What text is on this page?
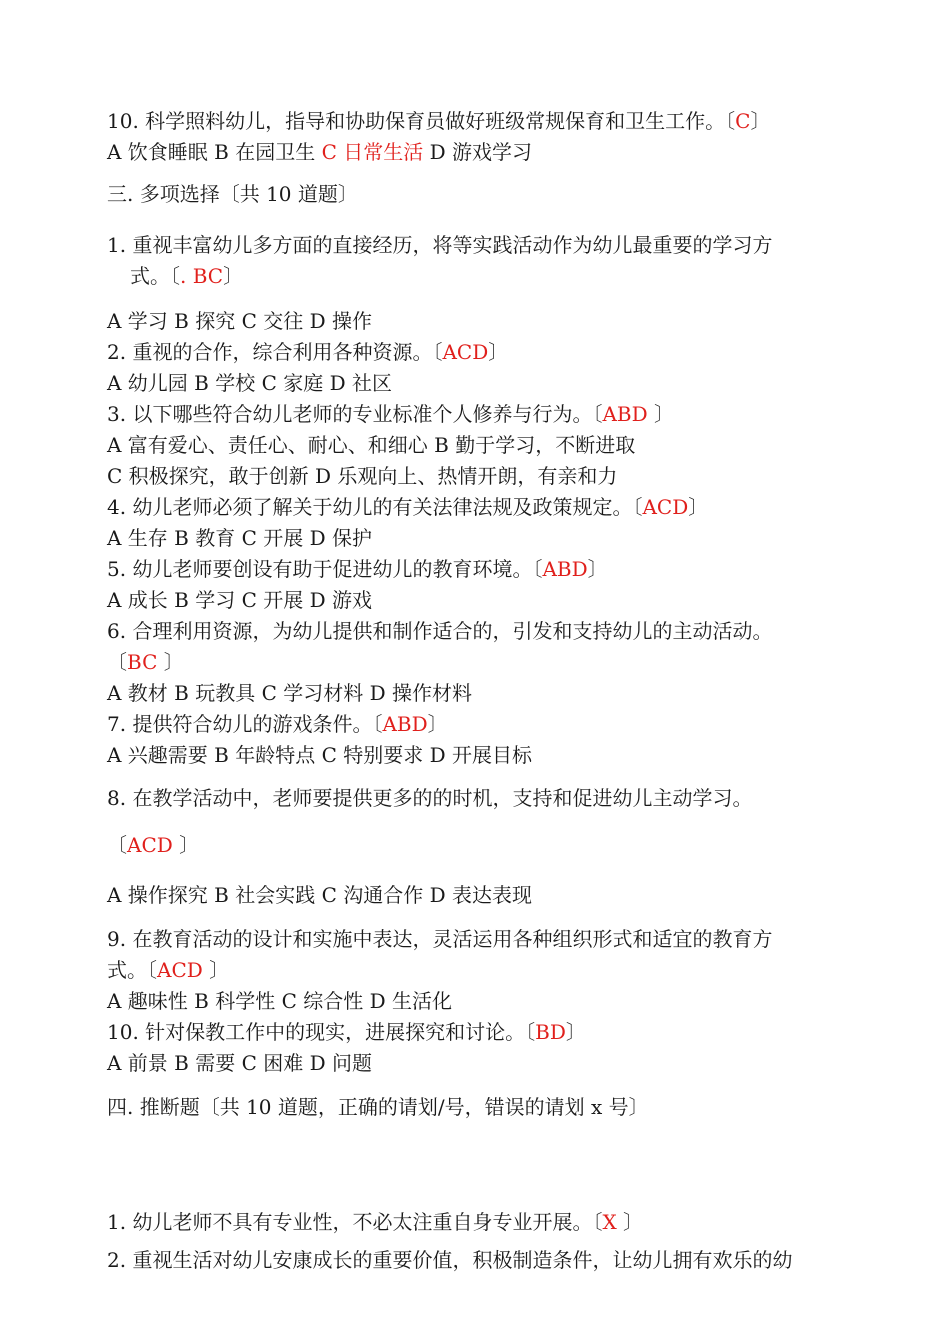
10. 科学照料幼儿，指导和协助保育员做好班级常规保育和卫生工作。〔C〕

A 饮食睡眠 B 在园卫生 C 日常生活 D 游戏学习

三. 多项选择〔共 10 道题〕

1. 重视丰富幼儿多方面的直接经历，将等实践活动作为幼儿最重要的学习方

式。〔. BC〕

A 学习 B 探究 C 交往 D 操作

2. 重视的合作，综合利用各种资源。〔ACD〕

A 幼儿园 B 学校 C 家庭 D 社区

3. 以下哪些符合幼儿老师的专业标准个人修养与行为。〔ABD 〕

A 富有爱心、责任心、耐心、和细心 B 勤于学习，不断进取

C 积极探究，敢于创新 D 乐观向上、热情开朗，有亲和力

4. 幼儿老师必须了解关于幼儿的有关法律法规及政策规定。〔ACD〕

A 生存 B 教育 C 开展 D 保护

5. 幼儿老师要创设有助于促进幼儿的教育环境。〔ABD〕

A 成长 B 学习 C 开展 D 游戏

6. 合理利用资源，为幼儿提供和制作适合的，引发和支持幼儿的主动活动。

〔BC 〕

A 教材 B 玩教具 C 学习材料 D 操作材料

7. 提供符合幼儿的游戏条件。〔ABD〕

A 兴趣需要 B 年龄特点 C 特别要求 D 开展目标

8. 在教学活动中，老师要提供更多的的时机，支持和促进幼儿主动学习。

〔ACD 〕

A 操作探究 B 社会实践 C 沟通合作 D 表达表现

9. 在教育活动的设计和实施中表达，灵活运用各种组织形式和适宜的教育方

式。〔ACD 〕

A 趣味性 B 科学性 C 综合性 D 生活化

10. 针对保教工作中的现实，进展探究和讨论。〔BD〕

A 前景 B 需要 C 困难 D 问题

四. 推断题〔共 10 道题，正确的请划/号，错误的请划 x 号〕

1. 幼儿老师不具有专业性，不必太注重自身专业开展。〔X 〕

2. 重视生活对幼儿安康成长的重要价值，积极制造条件，让幼儿拥有欢乐的幼
